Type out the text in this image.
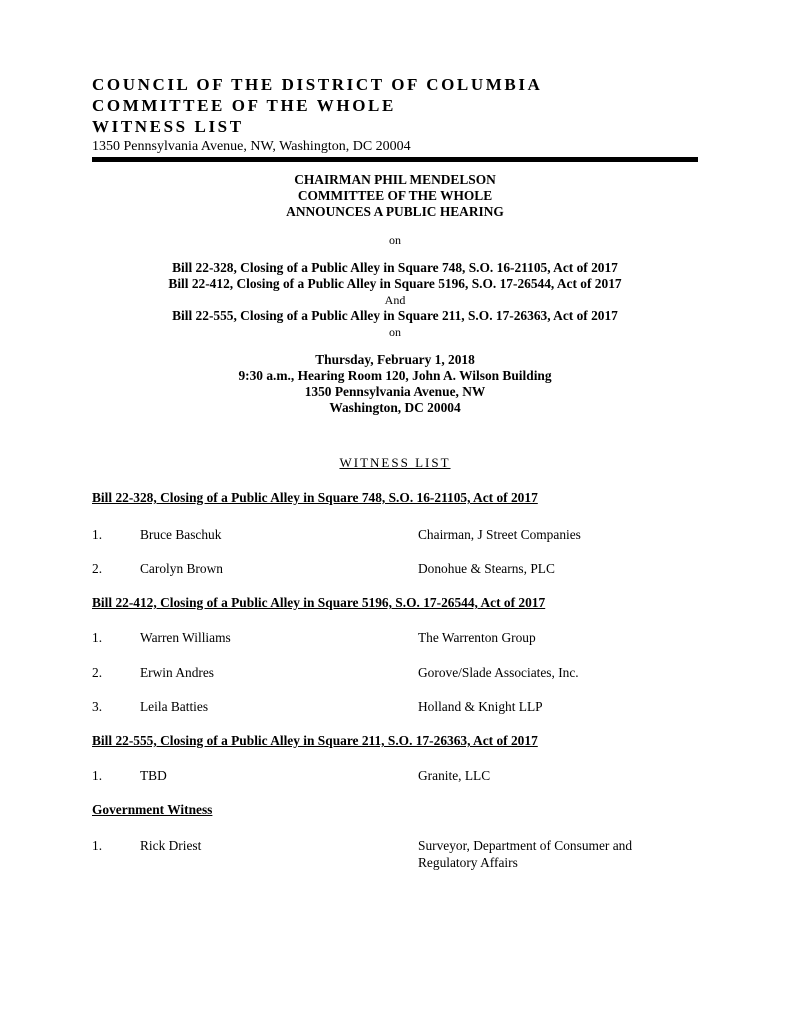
COUNCIL OF THE DISTRICT OF COLUMBIA
COMMITTEE OF THE WHOLE
WITNESS LIST
1350 Pennsylvania Avenue, NW, Washington, DC 20004
CHAIRMAN PHIL MENDELSON
COMMITTEE OF THE WHOLE
ANNOUNCES A PUBLIC HEARING
on
Bill 22-328, Closing of a Public Alley in Square 748, S.O. 16-21105, Act of 2017
Bill 22-412, Closing of a Public Alley in Square 5196, S.O. 17-26544, Act of 2017
And
Bill 22-555, Closing of a Public Alley in Square 211, S.O. 17-26363, Act of 2017
on
Thursday, February 1, 2018
9:30 a.m., Hearing Room 120, John A. Wilson Building
1350 Pennsylvania Avenue, NW
Washington, DC 20004
WITNESS LIST
Bill 22-328, Closing of a Public Alley in Square 748, S.O. 16-21105, Act of 2017
1.	Bruce Baschuk	Chairman, J Street Companies
2.	Carolyn Brown	Donohue & Stearns, PLC
Bill 22-412, Closing of a Public Alley in Square 5196, S.O. 17-26544, Act of 2017
1.	Warren Williams	The Warrenton Group
2.	Erwin Andres	Gorove/Slade Associates, Inc.
3.	Leila Batties	Holland & Knight LLP
Bill 22-555, Closing of a Public Alley in Square 211, S.O. 17-26363, Act of 2017
1.	TBD	Granite, LLC
Government Witness
1.	Rick Driest	Surveyor, Department of Consumer and Regulatory Affairs
